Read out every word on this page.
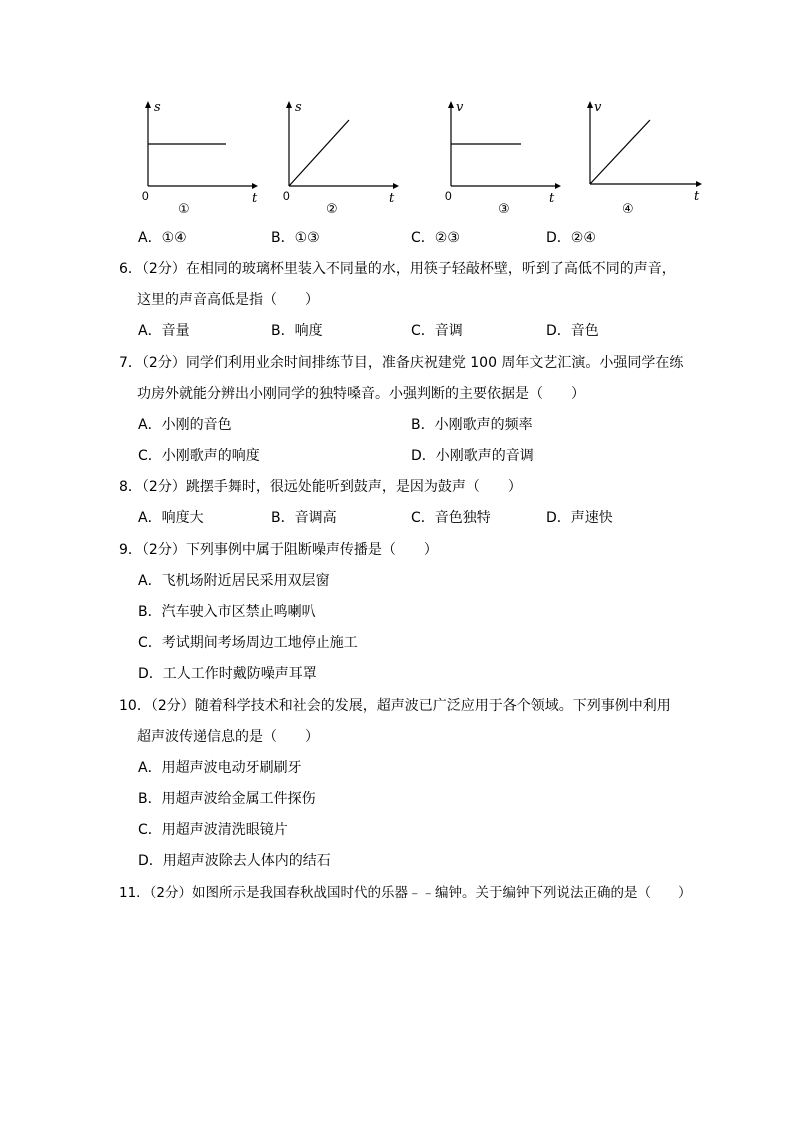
s
t
0
①
s
t
0
②
v
t
0
③
v
t
④
A．①④	B．①③	C．②③	D．②④
6．（2分）在相同的玻璃杯里装入不同量的水，用筷子轻敲杯壁，听到了高低不同的声音，
这里的声音高低是指（　　）
A．音量	B．响度	C．音调	D．音色
7．（2分）同学们利用业余时间排练节目，准备庆祝建党 100 周年文艺汇演。小强同学在练
功房外就能分辨出小刚同学的独特嗓音。小强判断的主要依据是（　　）
A．小刚的音色	B．小刚歌声的频率
C．小刚歌声的响度	D．小刚歌声的音调
8．（2分）跳摆手舞时，很远处能听到鼓声，是因为鼓声（　　）
A．响度大	B．音调高	C．音色独特	D．声速快
9．（2分）下列事例中属于阻断噪声传播是（　　）
A．飞机场附近居民采用双层窗
B．汽车驶入市区禁止鸣喇叭
C．考试期间考场周边工地停止施工
D．工人工作时戴防噪声耳罩
10．（2分）随着科学技术和社会的发展，超声波已广泛应用于各个领域。下列事例中利用
超声波传递信息的是（　　）
A．用超声波电动牙刷刷牙
B．用超声波给金属工件探伤
C．用超声波清洗眼镜片
D．用超声波除去人体内的结石
11．（2分）如图所示是我国春秋战国时代的乐器﹣﹣编钟。关于编钟下列说法正确的是（　　）
